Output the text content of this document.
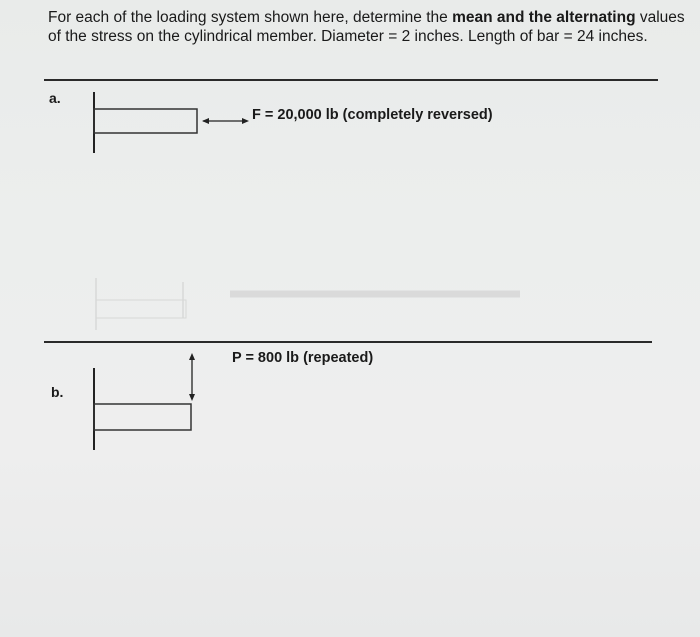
For each of the loading system shown here, determine the mean and the alternating values of the stress on the cylindrical member. Diameter = 2 inches. Length of bar = 24 inches.

a.
F = 20,000 lb (completely reversed)
b.
P = 800 lb (repeated)
